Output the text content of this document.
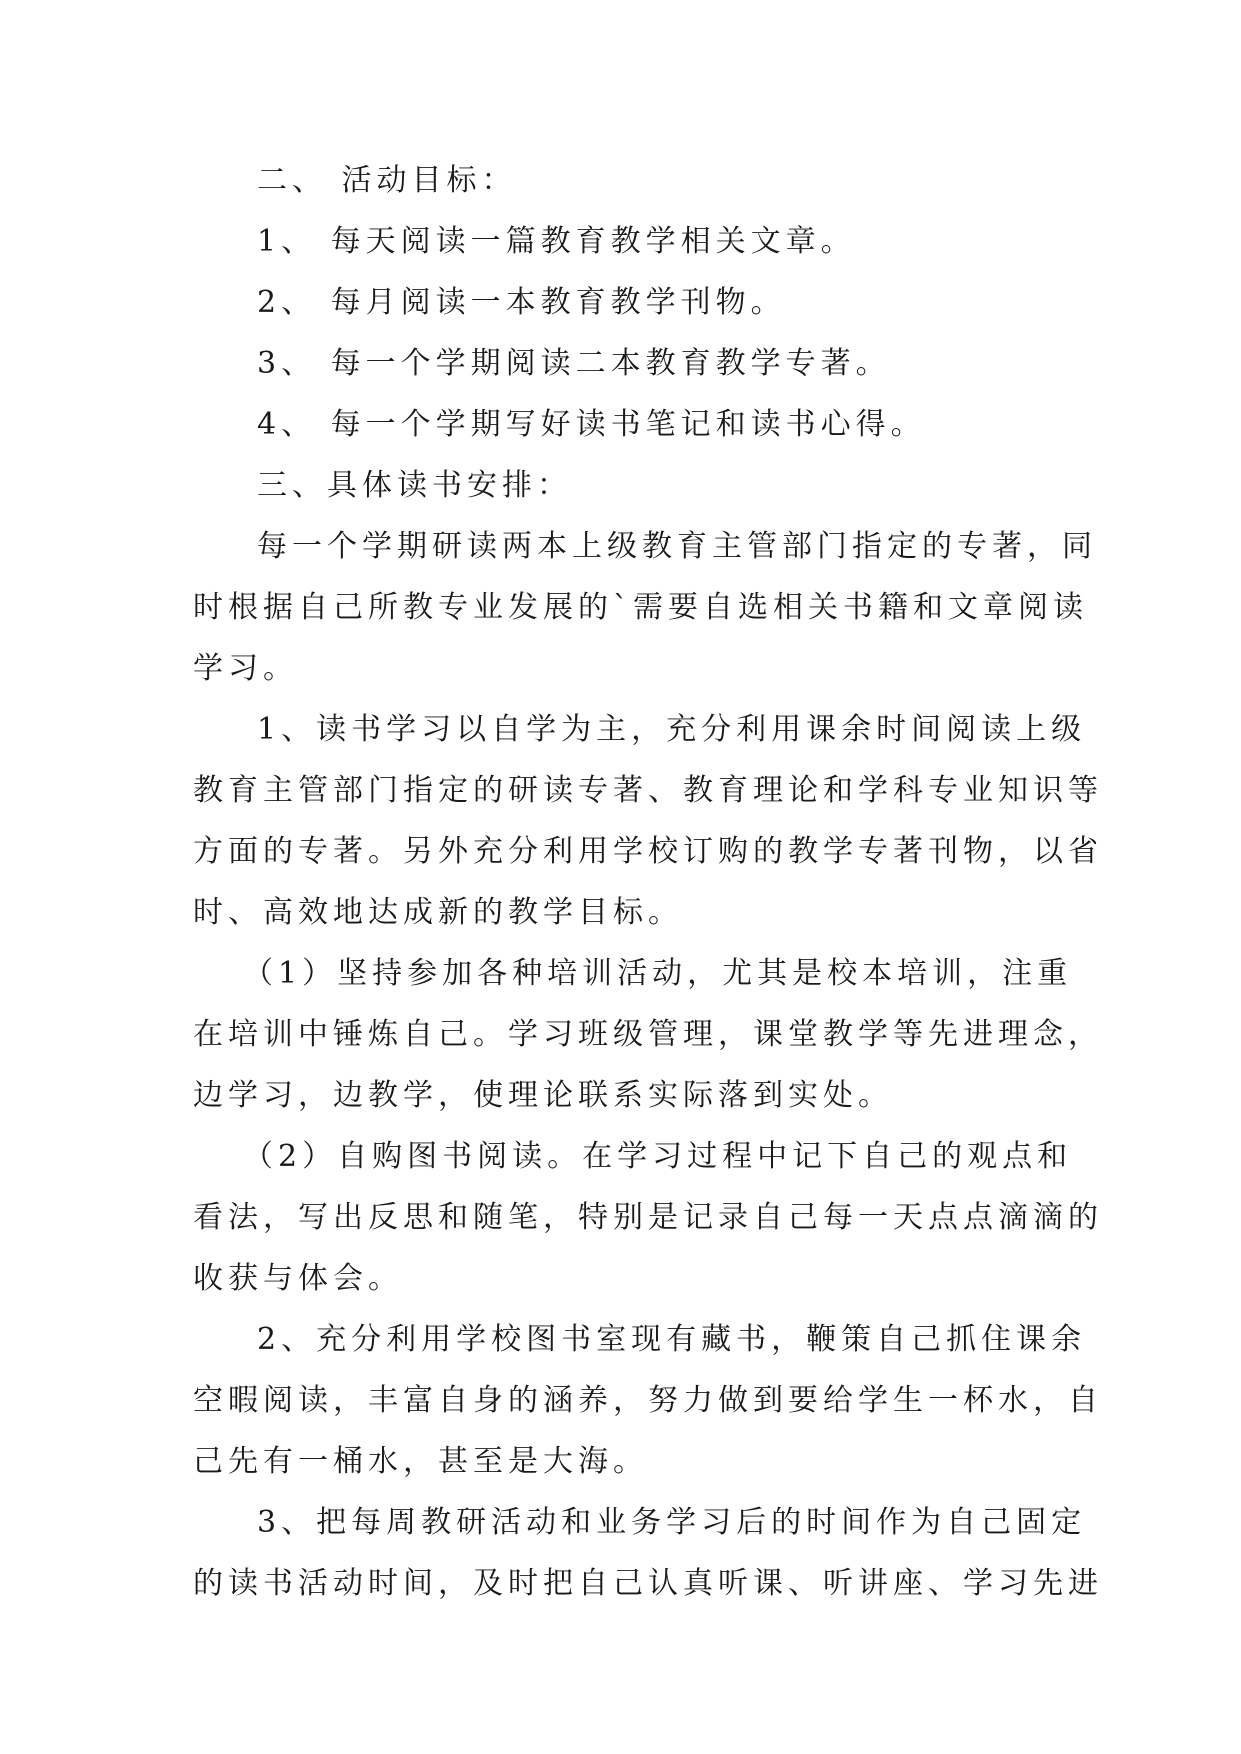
二、 活动目标：
1、 每天阅读一篇教育教学相关文章。
2、 每月阅读一本教育教学刊物。
3、 每一个学期阅读二本教育教学专著。
4、 每一个学期写好读书笔记和读书心得。
三、具体读书安排：
每一个学期研读两本上级教育主管部门指定的专著，同
时根据自己所教专业发展的`需要自选相关书籍和文章阅读
学习。
1、读书学习以自学为主，充分利用课余时间阅读上级
教育主管部门指定的研读专著、教育理论和学科专业知识等
方面的专著。另外充分利用学校订购的教学专著刊物，以省
时、高效地达成新的教学目标。
（1）坚持参加各种培训活动，尤其是校本培训，注重
在培训中锤炼自己。学习班级管理，课堂教学等先进理念，
边学习，边教学，使理论联系实际落到实处。
（2）自购图书阅读。在学习过程中记下自己的观点和
看法，写出反思和随笔，特别是记录自己每一天点点滴滴的
收获与体会。
2、充分利用学校图书室现有藏书，鞭策自己抓住课余
空暇阅读，丰富自身的涵养，努力做到要给学生一杯水，自
己先有一桶水，甚至是大海。
3、把每周教研活动和业务学习后的时间作为自己固定
的读书活动时间，及时把自己认真听课、听讲座、学习先进
